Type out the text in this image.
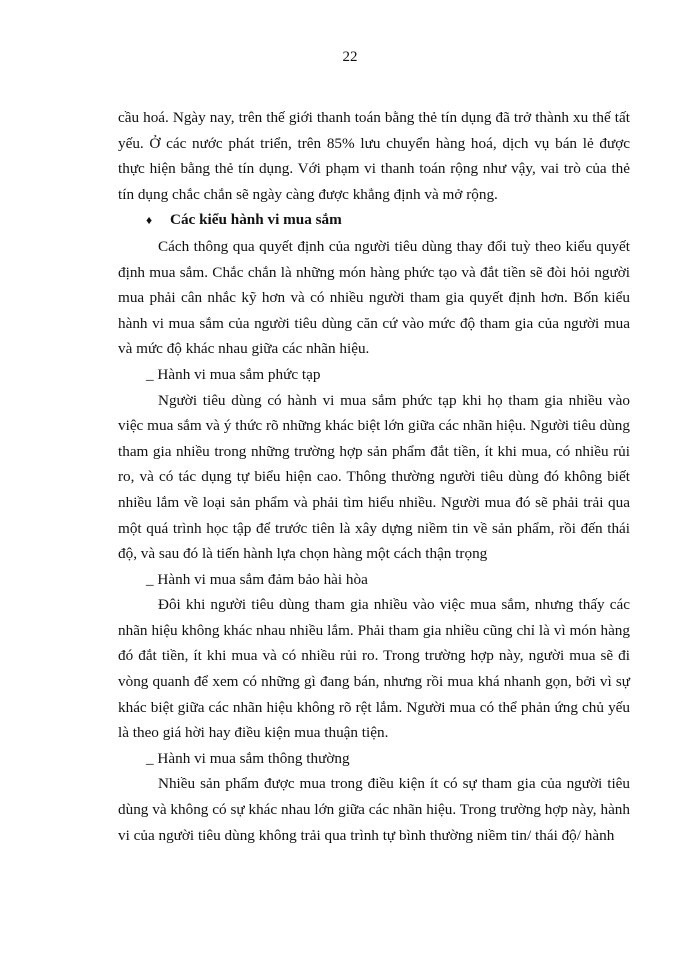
22

cầu hoá. Ngày nay, trên thế giới thanh toán bằng thẻ tín dụng đã trở thành xu thế tất yếu. Ở các nước phát triển, trên 85% lưu chuyển hàng hoá, dịch vụ bán lẻ được thực hiện bằng thẻ tín dụng. Với phạm vi thanh toán rộng như vậy, vai trò của thẻ tín dụng chắc chắn sẽ ngày càng được khẳng định và mở rộng.

♦ Các kiểu hành vi mua sắm

Cách thông qua quyết định của người tiêu dùng thay đổi tuỳ theo kiểu quyết định mua sắm. Chắc chắn là những món hàng phức tạo và đắt tiền sẽ đòi hỏi người mua phải cân nhắc kỹ hơn và có nhiều người tham gia quyết định hơn. Bốn kiểu hành vi mua sắm của người tiêu dùng căn cứ vào mức độ tham gia của người mua và mức độ khác nhau giữa các nhãn hiệu.

_ Hành vi mua sắm phức tạp

Người tiêu dùng có hành vi mua sắm phức tạp khi họ tham gia nhiều vào việc mua sắm và ý thức rõ những khác biệt lớn giữa các nhãn hiệu. Người tiêu dùng tham gia nhiều trong những trường hợp sản phẩm đắt tiền, ít khi mua, có nhiều rủi ro, và có tác dụng tự biểu hiện cao. Thông thường người tiêu dùng đó không biết nhiều lắm về loại sản phẩm và phải tìm hiểu nhiều. Người mua đó sẽ phải trải qua một quá trình học tập để trước tiên là xây dựng niềm tin về sản phẩm, rồi đến thái độ, và sau đó là tiến hành lựa chọn hàng một cách thận trọng

_ Hành vi mua sắm đảm bảo hài hòa

Đôi khi người tiêu dùng tham gia nhiều vào việc mua sắm, nhưng thấy các nhãn hiệu không khác nhau nhiều lắm. Phải tham gia nhiều cũng chỉ là vì món hàng đó đắt tiền, ít khi mua và có nhiều rủi ro. Trong trường hợp này, người mua sẽ đi vòng quanh để xem có những gì đang bán, nhưng rồi mua khá nhanh gọn, bởi vì sự khác biệt giữa các nhãn hiệu không rõ rệt lắm. Người mua có thể phản ứng chủ yếu là theo giá hời hay điều kiện mua thuận tiện.

_ Hành vi mua sắm thông thường

Nhiều sản phẩm được mua trong điều kiện ít có sự tham gia của người tiêu dùng và không có sự khác nhau lớn giữa các nhãn hiệu. Trong trường hợp này, hành vi của người tiêu dùng không trải qua trình tự bình thường niềm tin/ thái độ/ hành
